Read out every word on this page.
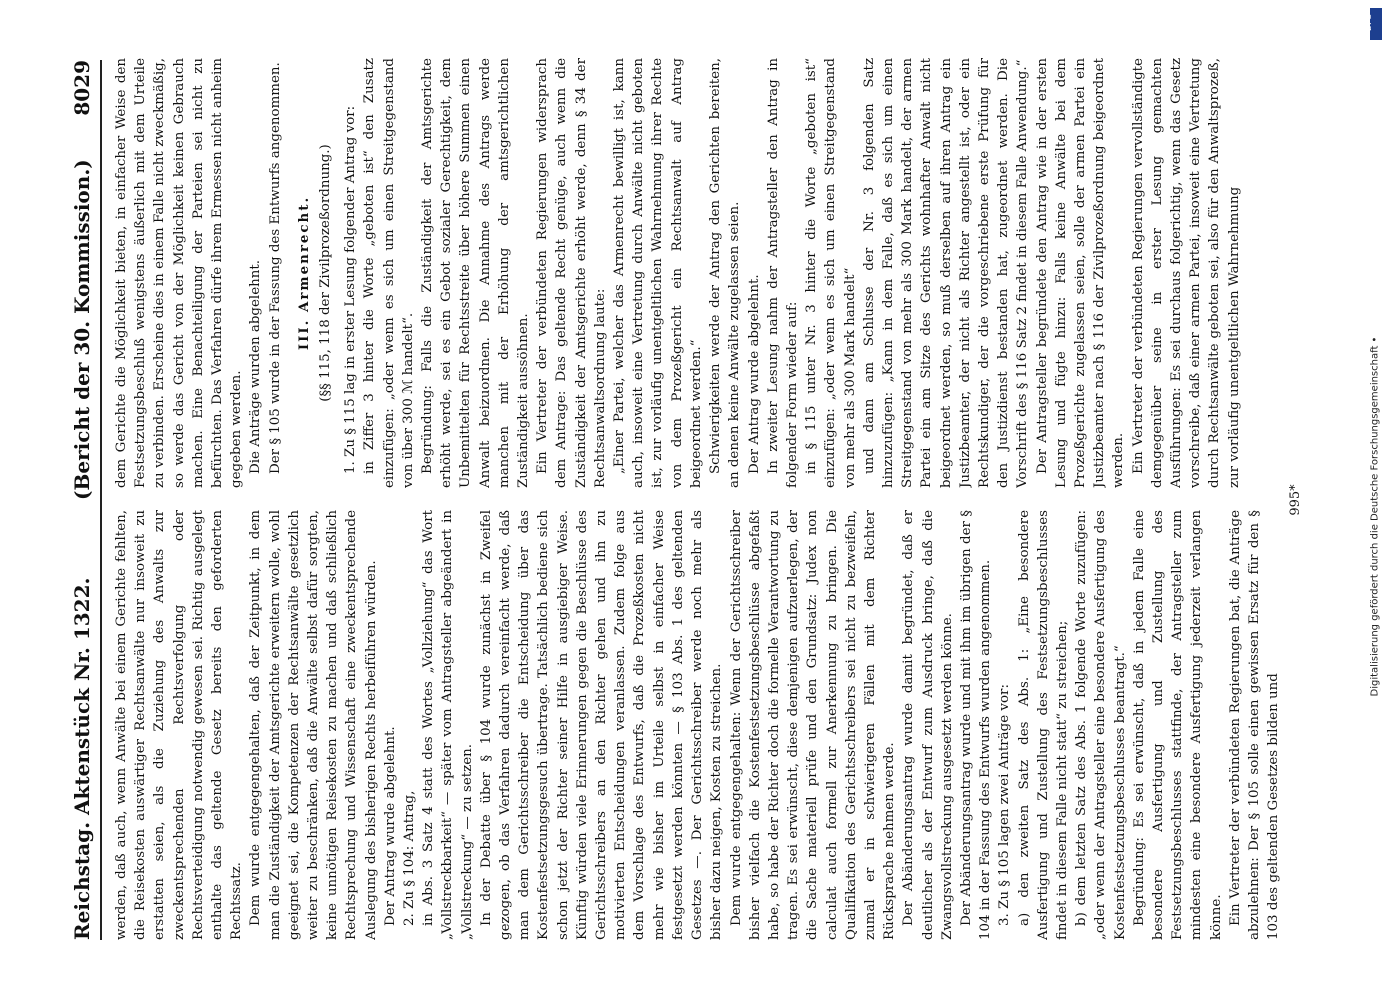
Reichstag. Aktenstück Nr. 1322.
(Bericht der 30. Kommission.)
8029

werden, daß auch, wenn Anwälte bei einem Gerichte fehlten, die Reisekosten auswärtiger Rechtsanwälte nur insoweit zu erstatten seien, als die Zuziehung des Anwalts zur zweckentsprechenden Rechtsverfolgung oder Rechtsverteidigung notwendig gewesen sei. Richtig ausgelegt enthalte das geltende Gesetz bereits den geforderten Rechtssatz. Dem wurde entgegengehalten, daß der Zeitpunkt, in dem man die Zuständigkeit der Amtsgerichte erweitern wolle, wohl geeignet sei, die Kompetenzen der Rechtsanwälte gesetzlich weiter zu beschränken, daß die Anwälte selbst dafür sorgten, keine unnötigen Reisekosten zu machen und daß schließlich Rechtsprechung und Wissenschaft eine zweckentsprechende Auslegung des bisherigen Rechts herbeiführen würden. Der Antrag wurde abgelehnt. 2. Zu § 104: Antrag, in Abs. 3 Satz 4 statt des Wortes „Vollziehung“ das Wort „Vollstreckbarkeit“ — später vom Antragsteller abgeändert in „Vollstreckung“ — zu setzen. In der Debatte über § 104 wurde zunächst in Zweifel gezogen, ob das Verfahren dadurch vereinfacht werde, daß man dem Gerichtsschreiber die Entscheidung über das Kostenfestsetzungsgesuch übertrage. Tatsächlich bediene sich schon jetzt der Richter seiner Hilfe in ausgiebiger Weise. Künftig würden viele Erinnerungen gegen die Beschlüsse des Gerichtsschreibers an den Richter gehen und ihn zu motivierten Entscheidungen veranlassen. Zudem folge aus dem Vorschlage des Entwurfs, daß die Prozeßkosten nicht mehr wie bisher im Urteile selbst in einfacher Weise festgesetzt werden könnten — § 103 Abs. 1 des geltenden Gesetzes —. Der Gerichtsschreiber werde noch mehr als bisher dazu neigen, Kosten zu streichen. Dem wurde entgegengehalten: Wenn der Gerichtsschreiber bisher vielfach die Kostenfestsetzungsbeschlüsse abgefaßt habe, so habe der Richter doch die formelle Verantwortung zu tragen. Es sei erwünscht, diese demjenigen aufzuerlegen, der die Sache materiell prüfe und den Grundsatz: Judex non calculat auch formell zur Anerkennung zu bringen. Die Qualifikation des Gerichtsschreibers sei nicht zu bezweifeln, zumal er in schwierigeren Fällen mit dem Richter Rücksprache nehmen werde. Der Abänderungsantrag wurde damit begründet, daß er deutlicher als der Entwurf zum Ausdruck bringe, daß die Zwangsvollstreckung ausgesetzt werden könne. Der Abänderungsantrag wurde und mit ihm im übrigen der § 104 in der Fassung des Entwurfs wurden angenommen. 3. Zu § 105 lagen zwei Anträge vor: a) den zweiten Satz des Abs. 1: „Eine besondere Ausfertigung und Zustellung des Festsetzungsbeschlusses findet in diesem Falle nicht statt“ zu streichen; b) dem letzten Satz des Abs. 1 folgende Worte zuzufügen: „oder wenn der Antragsteller eine besondere Ausfertigung des Kostenfestsetzungsbeschlusses beantragt.“ Begründung: Es sei erwünscht, daß in jedem Falle eine besondere Ausfertigung und Zustellung des Festsetzungsbeschlusses stattfinde, der Antragsteller zum mindesten eine besondere Ausfertigung jederzeit verlangen könne. Ein Vertreter der verbündeten Regierungen bat, die Anträge abzulehnen: Der § 105 solle einen gewissen Ersatz für den § 103 des geltenden Gesetzes bilden und

dem Gerichte die Möglichkeit bieten, in einfacher Weise den Festsetzungsbeschluß wenigstens äußerlich mit dem Urteile zu verbinden. Erscheine dies in einem Falle nicht zweckmäßig, so werde das Gericht von der Möglichkeit keinen Gebrauch machen. Eine Benachteiligung der Parteien sei nicht zu befürchten. Das Verfahren dürfe ihrem Ermessen nicht anheim gegeben werden. Die Anträge wurden abgelehnt. Der § 105 wurde in der Fassung des Entwurfs angenommen. III. Armenrecht. (§§ 115, 118 der Zivilprozeßordnung.) 1. Zu § 115 lag in erster Lesung folgender Antrag vor: in Ziffer 3 hinter die Worte „geboten ist“ den Zusatz einzufügen: „oder wenn es sich um einen Streitgegenstand von über 300 ℳ handelt“. Begründung: Falls die Zuständigkeit der Amtsgerichte erhöht werde, sei es ein Gebot sozialer Gerechtigkeit, dem Unbemittelten für Rechtsstreite über höhere Summen einen Anwalt beizuordnen. Die Annahme des Antrags werde manchen mit der Erhöhung der amtsgerichtlichen Zuständigkeit aussöhnen. Ein Vertreter der verbündeten Regierungen widersprach dem Antrage: Das geltende Recht genüge, auch wenn die Zuständigkeit der Amtsgerichte erhöht werde, denn § 34 der Rechtsanwaltsordnung laute: „Einer Partei, welcher das Armenrecht bewilligt ist, kann auch, insoweit eine Vertretung durch Anwälte nicht geboten ist, zur vorläufig unentgeltlichen Wahrnehmung ihrer Rechte von dem Prozeßgericht ein Rechtsanwalt auf Antrag beigeordnet werden.“ Schwierigkeiten werde der Antrag den Gerichten bereiten, an denen keine Anwälte zugelassen seien. Der Antrag wurde abgelehnt. In zweiter Lesung nahm der Antragsteller den Antrag in folgender Form wieder auf: in § 115 unter Nr. 3 hinter die Worte „geboten ist“ einzufügen: „oder wenn es sich um einen Streitgegenstand von mehr als 300 Mark handelt“ und dann am Schlusse der Nr. 3 folgenden Satz hinzuzufügen: „Kann in dem Falle, daß es sich um einen Streitgegenstand von mehr als 300 Mark handelt, der armen Partei ein am Sitze des Gerichts wohnhafter Anwalt nicht beigeordnet werden, so muß derselben auf ihren Antrag ein Justizbeamter, der nicht als Richter angestellt ist, oder ein Rechtskundiger, der die vorgeschriebene erste Prüfung für den Justizdienst bestanden hat, zugeordnet werden. Die Vorschrift des § 116 Satz 2 findet in diesem Falle Anwendung.“ Der Antragsteller begründete den Antrag wie in der ersten Lesung und fügte hinzu: Falls keine Anwälte bei dem Prozeßgerichte zugelassen seien, solle der armen Partei ein Justizbeamter nach § 116 der Zivilprozeßordnung beigeordnet werden. Ein Vertreter der verbündeten Regierungen vervollständigte demgegenüber seine in erster Lesung gemachten Ausführungen: Es sei durchaus folgerichtig, wenn das Gesetz vorschreibe, daß einer armen Partei, insoweit eine Vertretung durch Rechtsanwälte geboten sei, also für den Anwaltsprozeß, zur vorläufig unentgeltlichen Wahrnehmung

995*	Digitalisierung gefördert durch die Deutsche Forschungsgemeinschaft •
DFG
